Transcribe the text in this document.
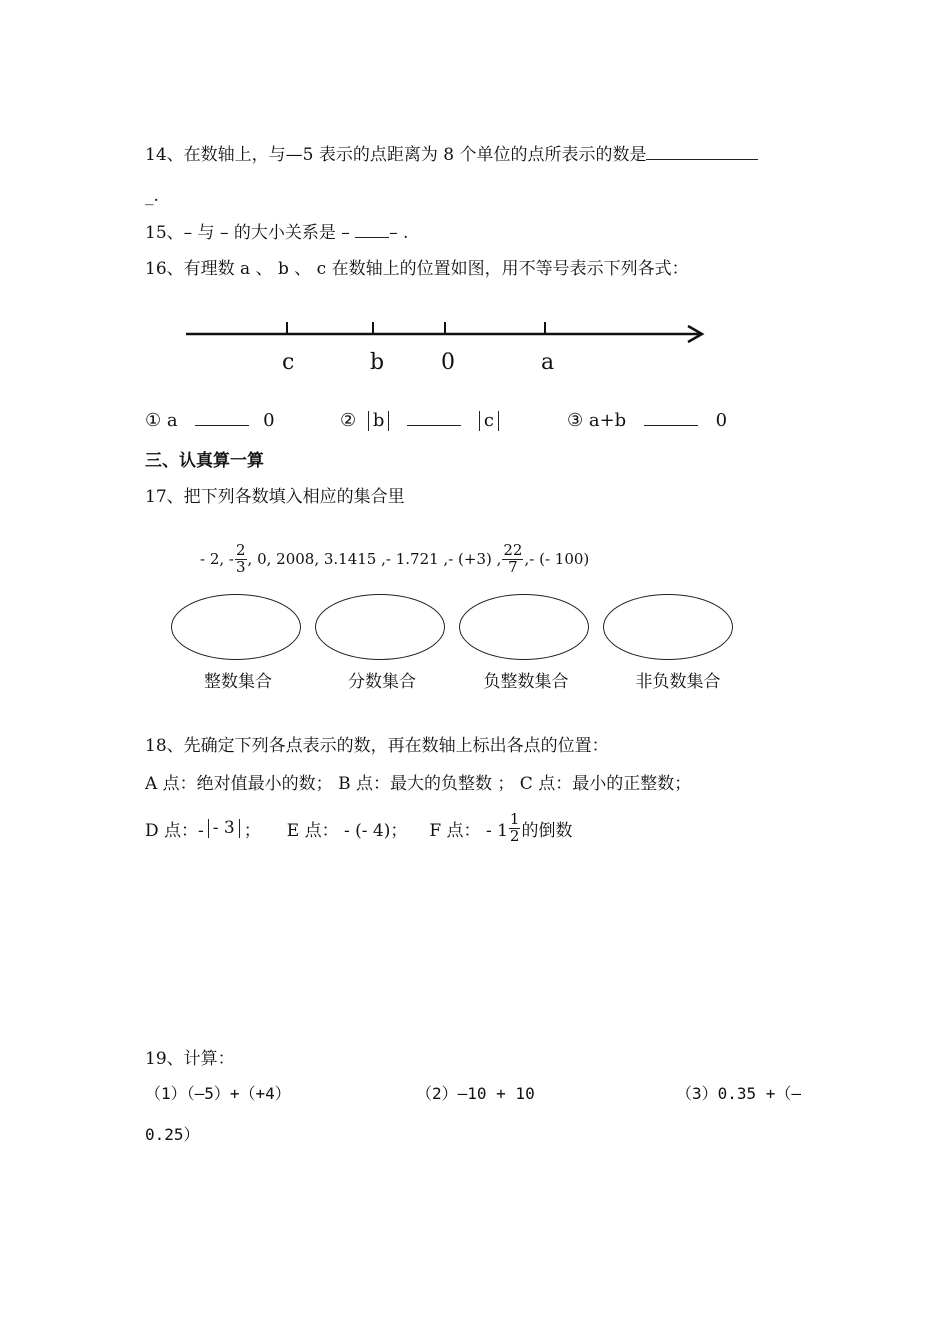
14、在数轴上，与—5 表示的点距离为 8 个单位的点所表示的数是
_.
15、– 与 – 的大小关系是 – – .
16、有理数 a 、 b 、 c 在数轴上的位置如图，用不等号表示下列各式：
c	b	0	a
① a	0	② b	c	③ a+b	0
三、认真算一算
17、把下列各数填入相应的集合里
- 2, - $\frac{2}{3}$ , 0, 2008, 3.1415 ,- 1.721 ,- (+3) , $\frac{22}{7}$ ,- (- 100)
整数集合	分数集合	负整数集合	非负数集合
18、先确定下列各点表示的数，再在数轴上标出各点的位置：
A 点：绝对值最小的数； B 点：最大的负整数 ； C 点：最小的正整数；
D 点：- - 3 ； E 点： - (- 4)； F 点： - $1 \frac{1}{2}$ 的倒数
19、计算：
（1）（—5）+（+4）	（2）—10 + 10	（3）0.35 +（—
0.25）
